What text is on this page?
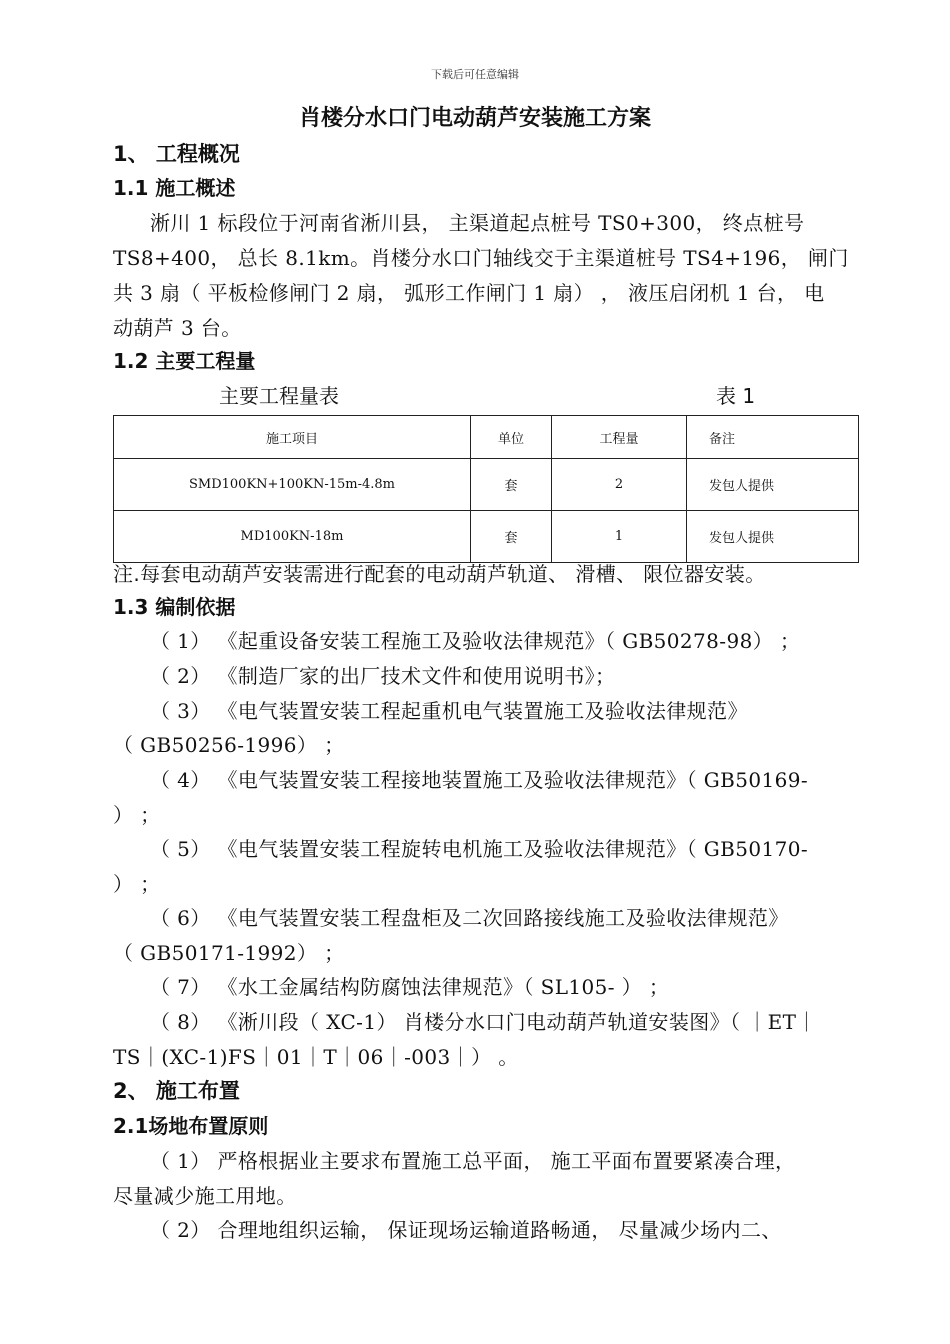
下载后可任意编辑
肖楼分水口门电动葫芦安装施工方案
1、 工程概况
1.1 施工概述
淅川 1 标段位于河南省淅川县， 主渠道起点桩号 TS0+300， 终点桩号
TS8+400， 总长 8.1km。肖楼分水口门轴线交于主渠道桩号 TS4+196， 闸门
共 3 扇（ 平板检修闸门 2 扇， 弧形工作闸门 1 扇） ， 液压启闭机 1 台， 电
动葫芦 3 台。
1.2 主要工程量
主要工程量表	表 1
施工项目	单位	工程量	备注
SMD100KN+100KN-15m-4.8m	套	2	发包人提供
MD100KN-18m	套	1	发包人提供
注.每套电动葫芦安装需进行配套的电动葫芦轨道、 滑槽、 限位器安装。
1.3 编制依据
（ 1） 《起重设备安装工程施工及验收法律规范》（ GB50278-98） ；
（ 2） 《制造厂家的出厂技术文件和使用说明书》；
（ 3） 《电气装置安装工程起重机电气装置施工及验收法律规范》
（ GB50256-1996） ；
（ 4） 《电气装置安装工程接地装置施工及验收法律规范》（ GB50169-
） ；
（ 5） 《电气装置安装工程旋转电机施工及验收法律规范》（ GB50170-
） ；
（ 6） 《电气装置安装工程盘柜及二次回路接线施工及验收法律规范》
（ GB50171-1992） ；
（ 7） 《水工金属结构防腐蚀法律规范》（ SL105- ） ；
（ 8） 《淅川段（ XC-1） 肖楼分水口门电动葫芦轨道安装图》（ ｜ET｜
TS｜(XC-1)FS｜01｜T｜06｜-003｜） 。
2、 施工布置
2.1场地布置原则
（ 1） 严格根据业主要求布置施工总平面， 施工平面布置要紧凑合理，
尽量减少施工用地。
（ 2） 合理地组织运输， 保证现场运输道路畅通， 尽量减少场内二、
